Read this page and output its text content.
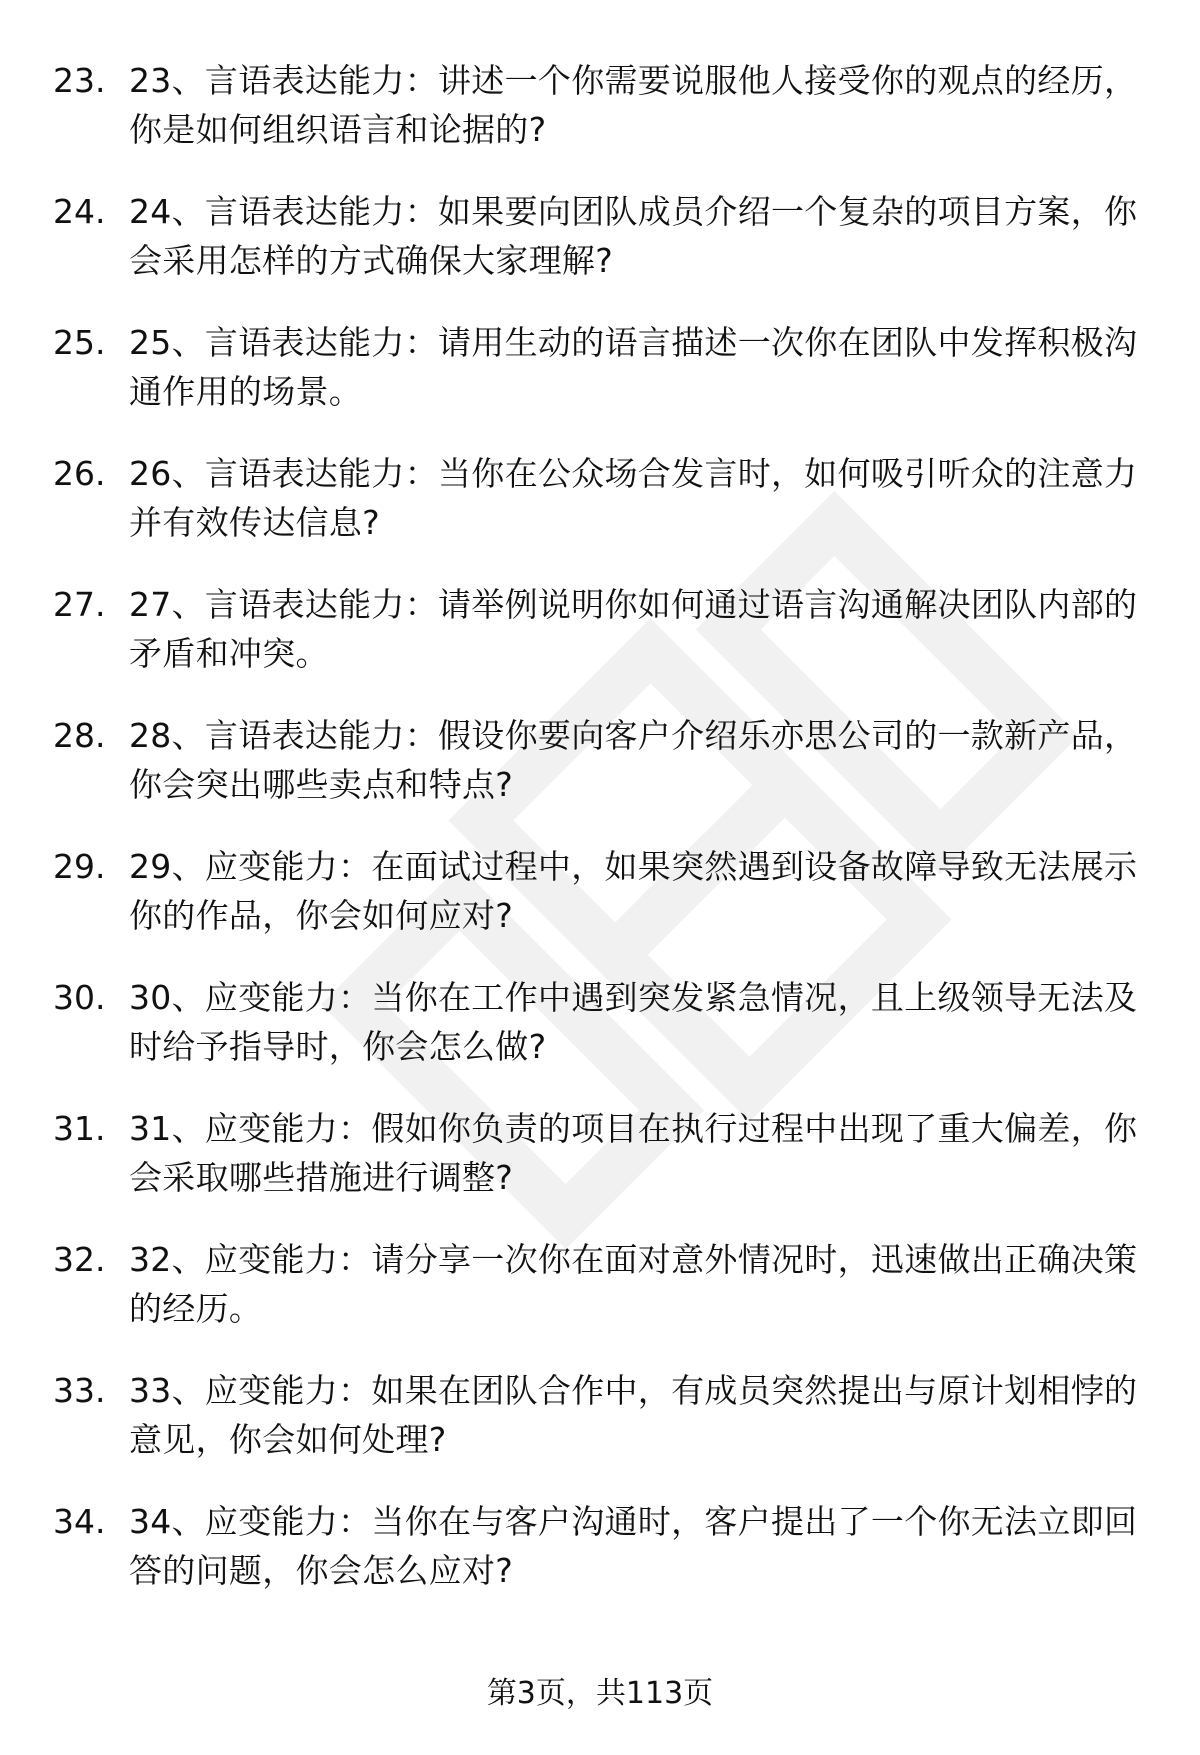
23. 23、言语表达能力：讲述一个你需要说服他人接受你的观点的经历，你是如何组织语言和论据的?
24. 24、言语表达能力：如果要向团队成员介绍一个复杂的项目方案，你会采用怎样的方式确保大家理解?
25. 25、言语表达能力：请用生动的语言描述一次你在团队中发挥积极沟通作用的场景。
26. 26、言语表达能力：当你在公众场合发言时，如何吸引听众的注意力并有效传达信息?
27. 27、言语表达能力：请举例说明你如何通过语言沟通解决团队内部的矛盾和冲突。
28. 28、言语表达能力：假设你要向客户介绍乐亦思公司的一款新产品，你会突出哪些卖点和特点?
29. 29、应变能力：在面试过程中，如果突然遇到设备故障导致无法展示你的作品，你会如何应对?
30. 30、应变能力：当你在工作中遇到突发紧急情况，且上级领导无法及时给予指导时，你会怎么做?
31. 31、应变能力：假如你负责的项目在执行过程中出现了重大偏差，你会采取哪些措施进行调整?
32. 32、应变能力：请分享一次你在面对意外情况时，迅速做出正确决策的经历。
33. 33、应变能力：如果在团队合作中，有成员突然提出与原计划相悖的意见，你会如何处理?
34. 34、应变能力：当你在与客户沟通时，客户提出了一个你无法立即回答的问题，你会怎么应对?
第3页，共113页
